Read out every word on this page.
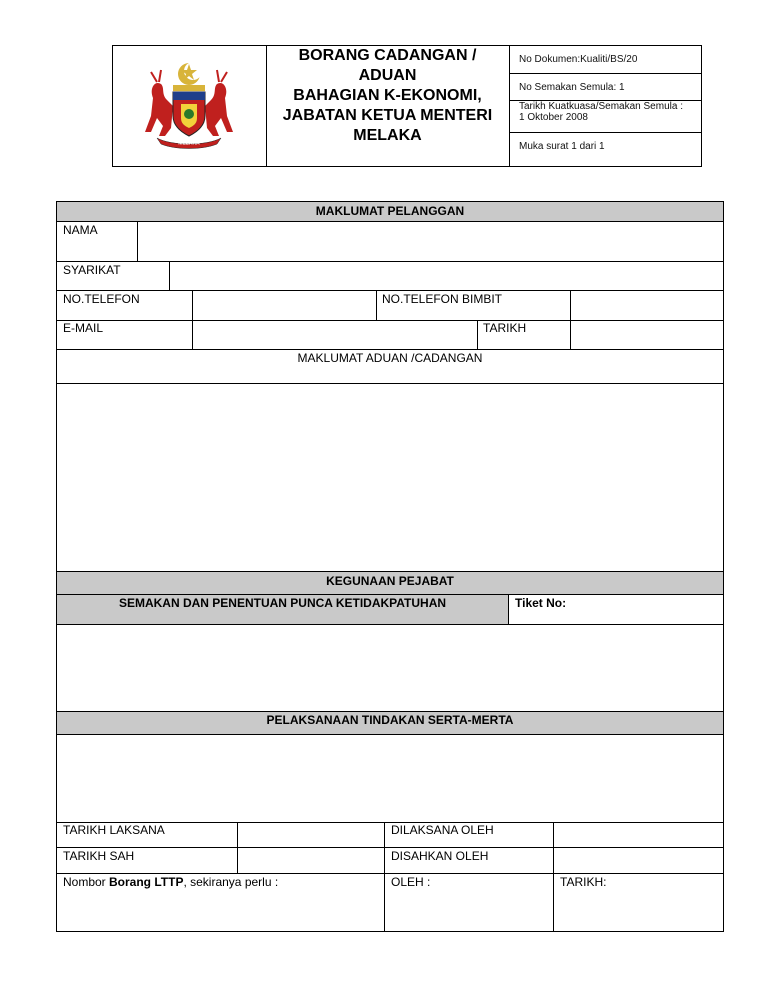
MELAKA
BORANG CADANGAN /
ADUAN
BAHAGIAN K-EKONOMI,
JABATAN KETUA MENTERI
MELAKA
No Dokumen:Kualiti/BS/20
No Semakan Semula: 1
Tarikh Kuatkuasa/Semakan Semula :
1 Oktober 2008
Muka surat 1 dari 1
MAKLUMAT PELANGGAN
NAMA
SYARIKAT
NO.TELEFON	NO.TELEFON BIMBIT
E-MAIL	TARIKH
MAKLUMAT ADUAN /CADANGAN
KEGUNAAN PEJABAT
SEMAKAN DAN PENENTUAN PUNCA KETIDAKPATUHAN	Tiket No:
PELAKSANAAN TINDAKAN SERTA-MERTA
TARIKH LAKSANA	DILAKSANA OLEH
TARIKH SAH	DISAHKAN OLEH
Nombor Borang LTTP, sekiranya perlu :	OLEH :	TARIKH:
